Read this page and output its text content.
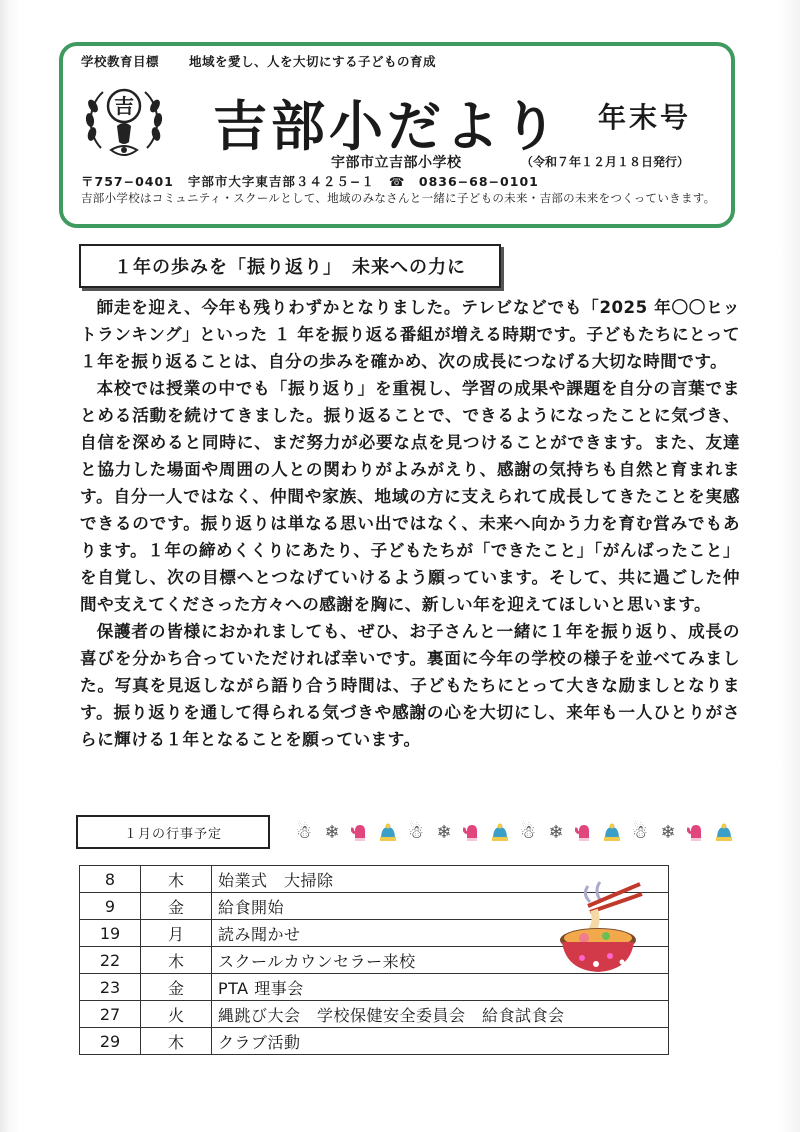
学校教育目標 地域を愛し、人を大切にする子どもの育成
吉 吉部小だより 年末号
宇部市立吉部小学校	（令和７年１２月１８日発行）
〒757−0401 宇部市大字東吉部３４２５−１ ☎　0836−68−0101
吉部小学校はコミュニティ・スクールとして、地域のみなさんと一緒に子どもの未来・吉部の未来をつくっていきます。
１年の歩みを「振り返り」　未来への力に

師走を迎え、今年も残りわずかとなりました。テレビなどでも「2025 年〇〇ヒットランキング」といった １ 年を振り返る番組が増える時期です。子どもたちにとって１年を振り返ることは、自分の歩みを確かめ、次の成長につなげる大切な時間です。

本校では授業の中でも「振り返り」を重視し、学習の成果や課題を自分の言葉でまとめる活動を続けてきました。振り返ることで、できるようになったことに気づき、自信を深めると同時に、まだ努力が必要な点を見つけることができます。また、友達と協力した場面や周囲の人との関わりがよみがえり、感謝の気持ちも自然と育まれます。自分一人ではなく、仲間や家族、地域の方に支えられて成長してきたことを実感できるのです。振り返りは単なる思い出ではなく、未来へ向かう力を育む営みでもあります。１年の締めくくりにあたり、子どもたちが「できたこと」「がんばったこと」を自覚し、次の目標へとつなげていけるよう願っています。そして、共に過ごした仲間や支えてくださった方々への感謝を胸に、新しい年を迎えてほしいと思います。

保護者の皆様におかれましても、ぜひ、お子さんと一緒に１年を振り返り、成長の喜びを分かち合っていただければ幸いです。裏面に今年の学校の様子を並べてみました。写真を見返しながら語り合う時間は、子どもたちにとって大きな励ましとなります。振り返りを通して得られる気づきや感謝の心を大切にし、来年も一人ひとりがさらに輝ける１年となることを願っています。

１月の行事予定	☃ ❄	☃ ❄	☃ ❄	☃ ❄
8	木	始業式　大掃除
9	金	給食開始
19	月	読み聞かせ
22	木	スクールカウンセラー来校
23	金	PTA 理事会
27	火	縄跳び大会　学校保健安全委員会　給食試食会
29	木	クラブ活動
